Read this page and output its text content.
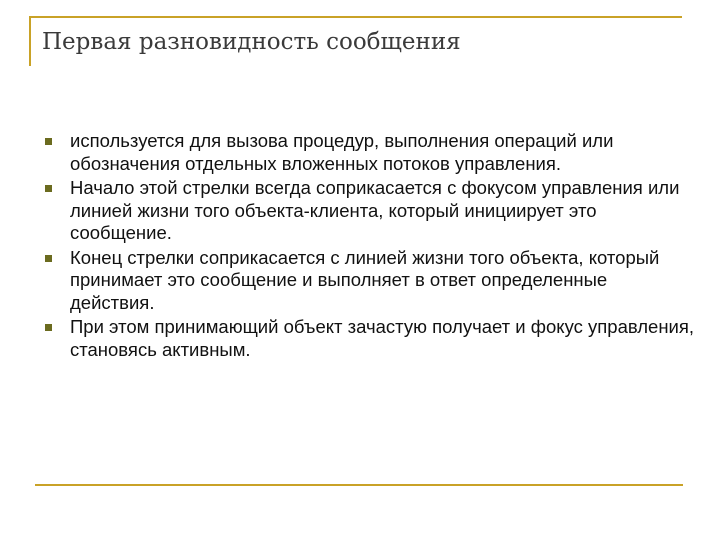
Первая разновидность сообщения
используется для вызова процедур, выполнения операций или обозначения отдельных вложенных потоков управления.
Начало этой стрелки всегда соприкасается с фокусом управления или линией жизни того объекта-клиента, который инициирует это сообщение.
Конец стрелки соприкасается с линией жизни того объекта, который принимает это сообщение и выполняет в ответ определенные действия.
При этом принимающий объект зачастую получает и фокус управления, становясь активным.
